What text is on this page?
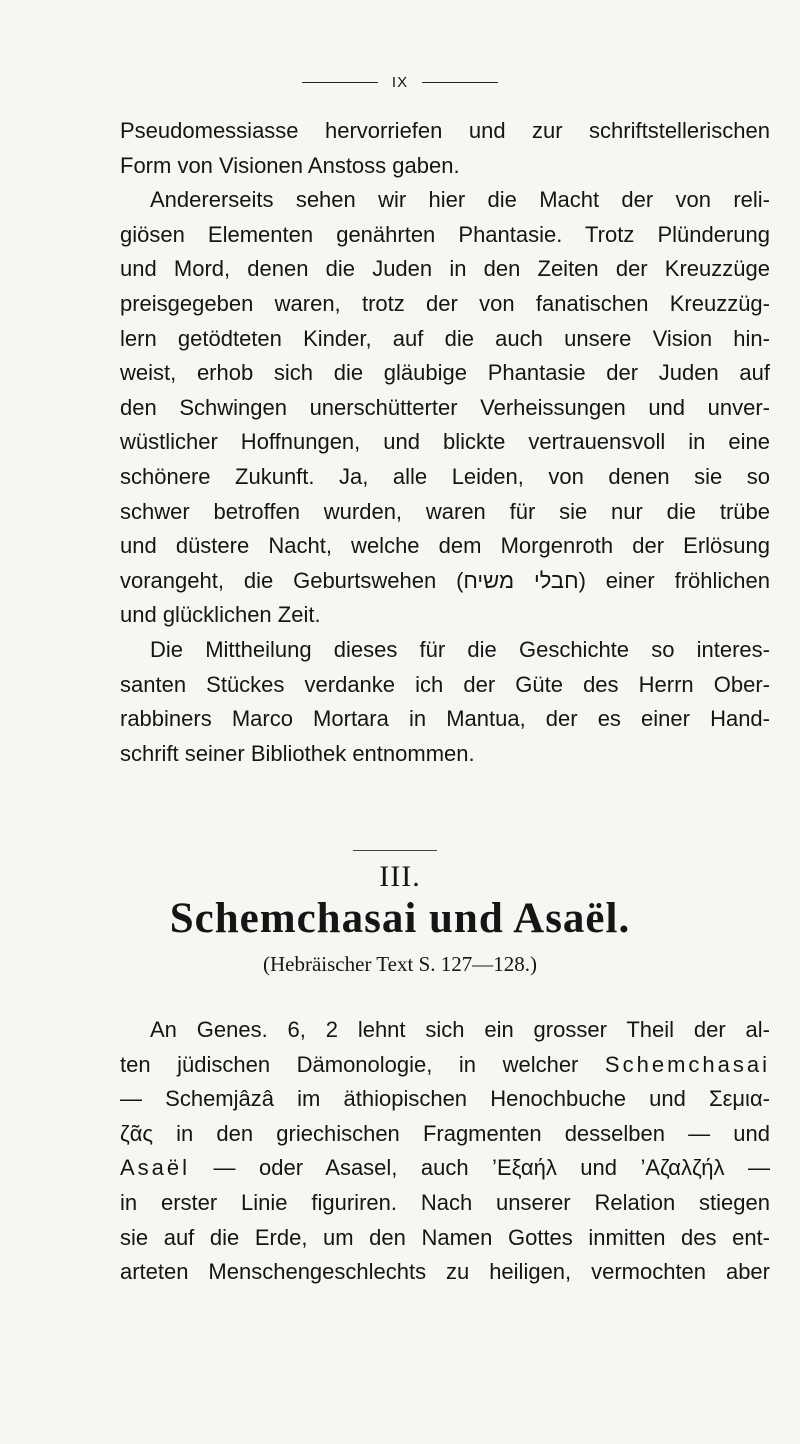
IX
Pseudomessiasse hervorriefen und zur schriftstellerischen
Form von Visionen Anstoss gaben.
Andererseits sehen wir hier die Macht der von reli-
giösen Elementen genährten Phantasie. Trotz Plünderung
und Mord, denen die Juden in den Zeiten der Kreuzzüge
preisgegeben waren, trotz der von fanatischen Kreuzzüg-
lern getödteten Kinder, auf die auch unsere Vision hin-
weist, erhob sich die gläubige Phantasie der Juden auf
den Schwingen unerschütterter Verheissungen und unver-
wüstlicher Hoffnungen, und blickte vertrauensvoll in eine
schönere Zukunft. Ja, alle Leiden, von denen sie so
schwer betroffen wurden, waren für sie nur die trübe
und düstere Nacht, welche dem Morgenroth der Erlösung
vorangeht, die Geburtswehen (חבלי משיח) einer fröhlichen
und glücklichen Zeit.
Die Mittheilung dieses für die Geschichte so interes-
santen Stückes verdanke ich der Güte des Herrn Ober-
rabbiners Marco Mortara in Mantua, der es einer Hand-
schrift seiner Bibliothek entnommen.
III.
Schemchasai und Asaël.
(Hebräischer Text S. 127—128.)
An Genes. 6, 2 lehnt sich ein grosser Theil der al-
ten jüdischen Dämonologie, in welcher Schemchasai
— Schemjâzâ im äthiopischen Henochbuche und Σεμια-
ζᾶς in den griechischen Fragmenten desselben — und
Asaël — oder Asasel, auch ’Εξαήλ und ’Αζαλζήλ —
in erster Linie figuriren. Nach unserer Relation stiegen
sie auf die Erde, um den Namen Gottes inmitten des ent-
arteten Menschengeschlechts zu heiligen, vermochten aber
